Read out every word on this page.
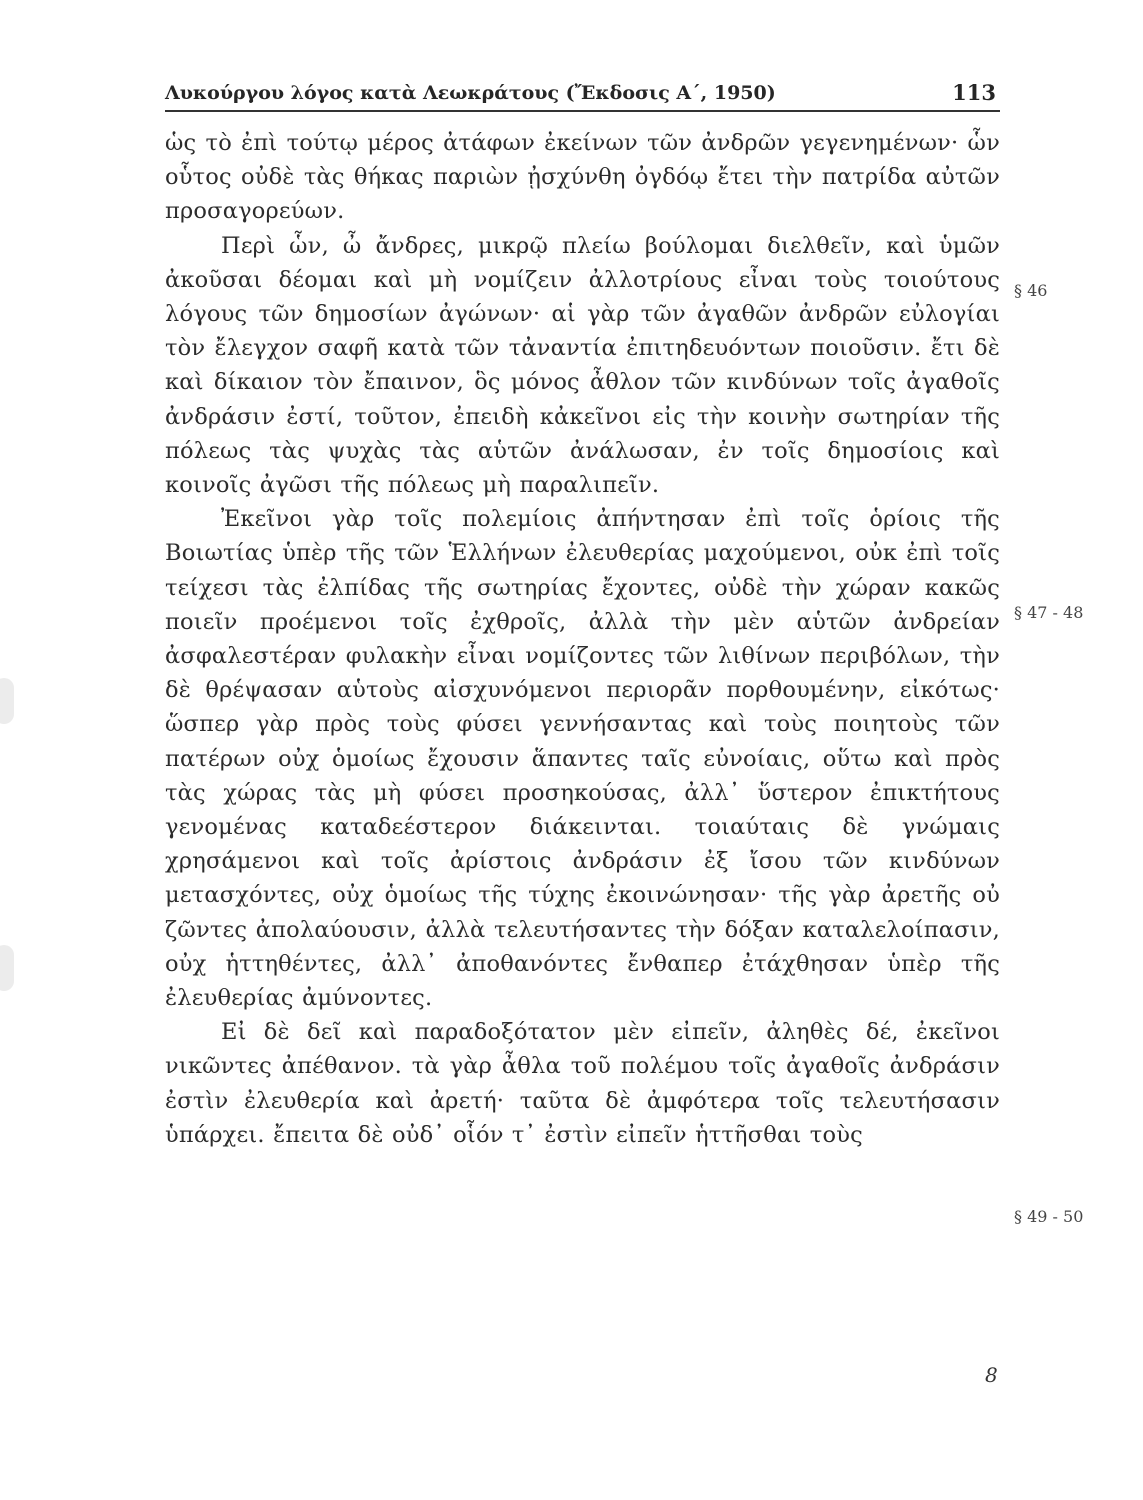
Λυκούργου λόγος κατὰ Λεωκράτους (Ἔκδοσις Α΄, 1950)	113

ὡς τὸ ἐπὶ τούτῳ μέρος ἀτάφων ἐκείνων τῶν ἀνδρῶν γεγενημένων· ὧν οὗτος οὐδὲ τὰς θήκας παριὼν ᾐσχύνθη ὀγδόῳ ἔτει τὴν πατρίδα αὐτῶν προσαγορεύων.

Περὶ ὧν, ὦ ἄνδρες, μικρῷ πλείω βούλομαι διελθεῖν, καὶ ὑμῶν ἀκοῦσαι δέομαι καὶ μὴ νομίζειν ἀλλοτρίους εἶναι τοὺς τοιούτους λόγους τῶν δημοσίων ἀγώνων· αἱ γὰρ τῶν ἀγαθῶν ἀνδρῶν εὐλογίαι τὸν ἔλεγχον σαφῆ κατὰ τῶν τἀναντία ἐπιτηδευόντων ποιοῦσιν. ἔτι δὲ καὶ δίκαιον τὸν ἔπαινον, ὃς μόνος ἆθλον τῶν κινδύνων τοῖς ἀγαθοῖς ἀνδράσιν ἐστί, τοῦτον, ἐπειδὴ κἀκεῖνοι εἰς τὴν κοινὴν σωτηρίαν τῆς πόλεως τὰς ψυχὰς τὰς αὑτῶν ἀνάλωσαν, ἐν τοῖς δημοσίοις καὶ κοινοῖς ἀγῶσι τῆς πόλεως μὴ παραλιπεῖν.

Ἐκεῖνοι γὰρ τοῖς πολεμίοις ἀπήντησαν ἐπὶ τοῖς ὁρίοις τῆς Βοιωτίας ὑπὲρ τῆς τῶν Ἑλλήνων ἐλευθερίας μαχούμενοι, οὐκ ἐπὶ τοῖς τείχεσι τὰς ἐλπίδας τῆς σωτηρίας ἔχοντες, οὐδὲ τὴν χώραν κακῶς ποιεῖν προέμενοι τοῖς ἐχθροῖς, ἀλλὰ τὴν μὲν αὑτῶν ἀνδρείαν ἀσφαλεστέραν φυλακὴν εἶναι νομίζοντες τῶν λιθίνων περιβόλων, τὴν δὲ θρέψασαν αὑτοὺς αἰσχυνόμενοι περιορᾶν πορθουμένην, εἰκότως· ὥσπερ γὰρ πρὸς τοὺς φύσει γεννήσαντας καὶ τοὺς ποιητοὺς τῶν πατέρων οὐχ ὁμοίως ἔχουσιν ἅπαντες ταῖς εὐνοίαις, οὕτω καὶ πρὸς τὰς χώρας τὰς μὴ φύσει προσηκούσας, ἀλλ᾽ ὕστερον ἐπικτήτους γενομένας καταδεέστερον διάκεινται. τοιαύταις δὲ γνώμαις χρησάμενοι καὶ τοῖς ἀρίστοις ἀνδράσιν ἐξ ἴσου τῶν κινδύνων μετασχόντες, οὐχ ὁμοίως τῆς τύχης ἐκοινώνησαν· τῆς γὰρ ἀρετῆς οὐ ζῶντες ἀπολαύουσιν, ἀλλὰ τελευτήσαντες τὴν δόξαν καταλελοίπασιν, οὐχ ἡττηθέντες, ἀλλ᾽ ἀποθανόντες ἔνθαπερ ἐτάχθησαν ὑπὲρ τῆς ἐλευθερίας ἀμύνοντες.

Εἰ δὲ δεῖ καὶ παραδοξότατον μὲν εἰπεῖν, ἀληθὲς δέ, ἐκεῖνοι νικῶντες ἀπέθανον. τὰ γὰρ ἆθλα τοῦ πολέμου τοῖς ἀγαθοῖς ἀνδράσιν ἐστὶν ἐλευθερία καὶ ἀρετή· ταῦτα δὲ ἀμφότερα τοῖς τελευτήσασιν ὑπάρχει. ἔπειτα δὲ οὐδ᾽ οἷόν τ᾽ ἐστὶν εἰπεῖν ἡττῆσθαι τοὺς

§ 46
§ 47 - 48
§ 49 - 50
8
